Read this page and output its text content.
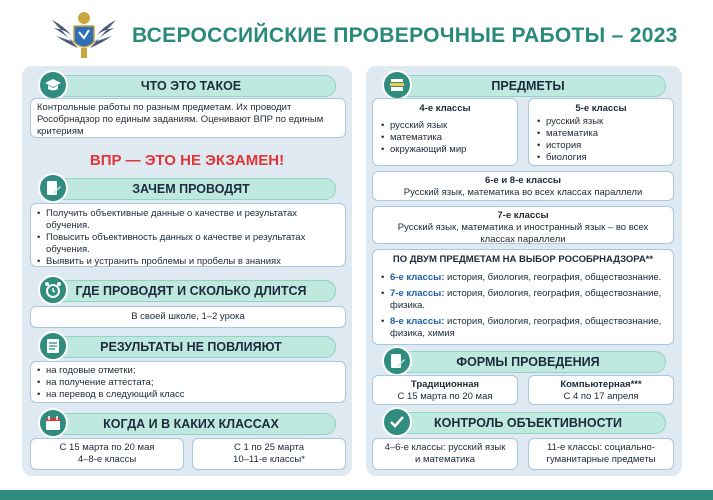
ВСЕРОССИЙСКИЕ ПРОВЕРОЧНЫЕ РАБОТЫ – 2023
ЧТО ЭТО ТАКОЕ
Контрольные работы по разным предметам. Их проводит Рособрнадзор по единым заданиям. Оценивают ВПР по единым критериям
ВПР — ЭТО НЕ ЭКЗАМЕН!
ЗАЧЕМ ПРОВОДЯТ
• Получить объективные данные о качестве и результатах обучения.
• Повысить объективность данных о качестве и результатах обучения.
• Выявить и устранить проблемы и пробелы в знаниях
ГДЕ ПРОВОДЯТ И СКОЛЬКО ДЛИТСЯ
В своей школе, 1–2 урока
РЕЗУЛЬТАТЫ НЕ ПОВЛИЯЮТ
• на годовые отметки;
• на получение аттестата;
• на перевод в следующий класс
КОГДА И В КАКИХ КЛАССАХ
С 15 марта по 20 мая
4–8-е классы
С 1 по 25 марта
10–11-е классы*
ПРЕДМЕТЫ
4-е классы
• русский язык
• математика
• окружающий мир
5-е классы
• русский язык
• математика
• история
• биология
6-е и 8-е классы
Русский язык, математика во всех классах параллели
7-е классы
Русский язык, математика и иностранный язык – во всех классах параллели
ПО ДВУМ ПРЕДМЕТАМ НА ВЫБОР РОСОБРНАДЗОРА**
• 6-е классы: история, биология, география, обществознание.
• 7-е классы: история, биология, география, обществознание, физика.
• 8-е классы: история, биология, география, обществознание, физика, химия
ФОРМЫ ПРОВЕДЕНИЯ
Традиционная
С 15 марта по 20 мая
Компьютерная***
С 4 по 17 апреля
КОНТРОЛЬ ОБЪЕКТИВНОСТИ
4–6-е классы: русский язык и математика
11-е классы: социально-гуманитарные предметы
